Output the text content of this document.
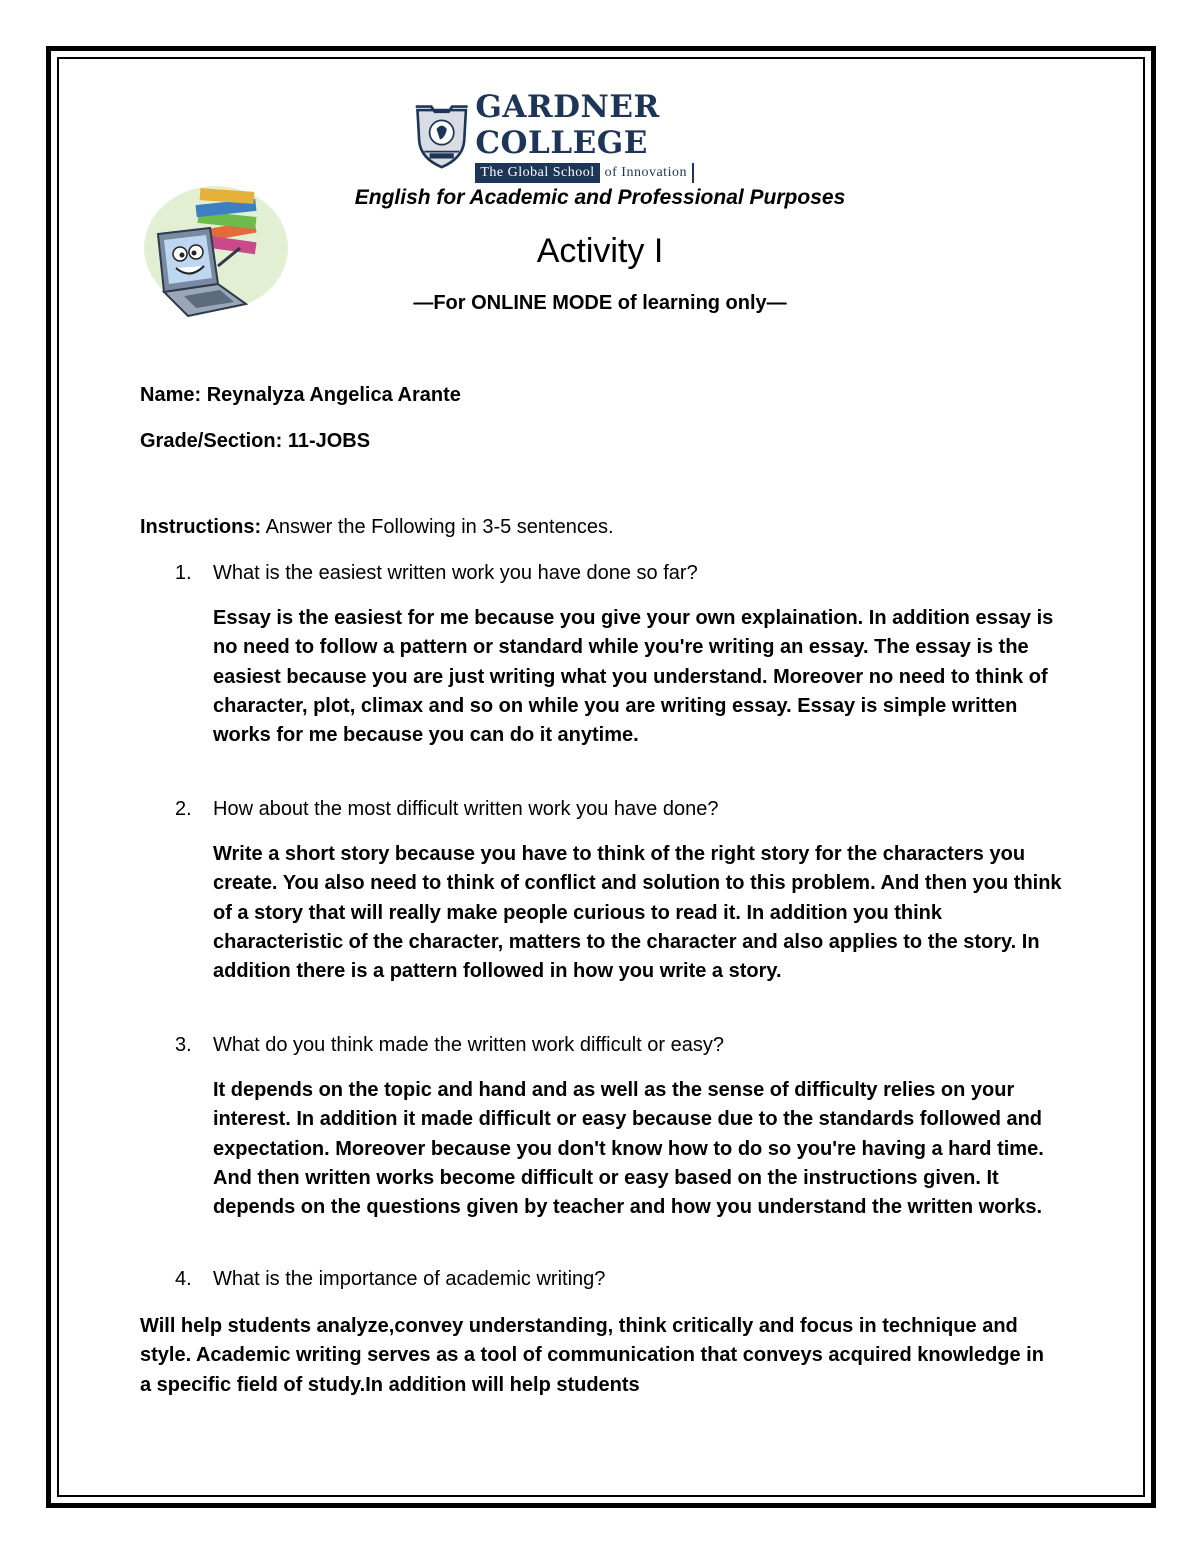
GARDNER COLLEGE
The Global School of Innovation
English for Academic and Professional Purposes
Activity I
—For ONLINE MODE of learning only—
Name: Reynalyza Angelica Arante
Grade/Section: 11-JOBS
Instructions: Answer the Following in 3-5 sentences.
1.	What is the easiest written work you have done so far?
Essay is the easiest for me because you give your own explaination. In addition essay is no need to follow a pattern or standard while you're writing an essay. The essay is the easiest because you are just writing what you understand. Moreover no need to think of character, plot, climax and so on while you are writing essay. Essay is simple written works for me because you can do it anytime.
2.	How about the most difficult written work you have done?
Write a short story because you have to think of the right story for the characters you create. You also need to think of conflict and solution to this problem. And then you think of a story that will really make people curious to read it. In addition you think characteristic of the character, matters to the character and also applies to the story. In addition there is a pattern followed in how you write a story.
3.	What do you think made the written work difficult or easy?
It depends on the topic and hand and as well as the sense of difficulty relies on your interest. In addition it made difficult or easy because due to the standards followed and expectation. Moreover because you don't know how to do so you're having a hard time. And then written works become difficult or easy based on the instructions given. It depends on the questions given by teacher and how you understand the written works.
4.	What is the importance of academic writing?
Will help students analyze,convey understanding, think critically and focus in technique and style. Academic writing serves as a tool of communication that conveys acquired knowledge in a specific field of study.In addition will help students
